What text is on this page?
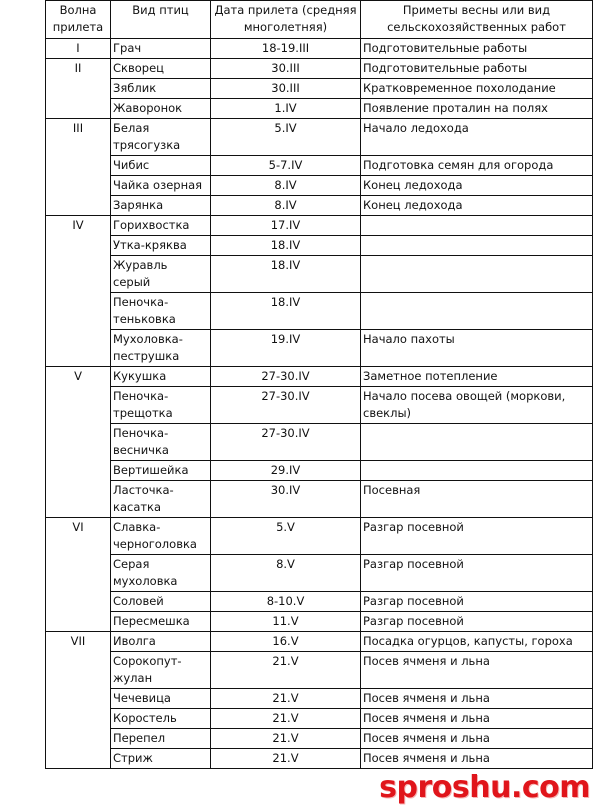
Волна прилета	Вид птиц	Дата прилета (средняя многолетняя)	Приметы весны или вид сельскохозяйственных работ
I	Грач	18-19.III	Подготовительные работы
II	Скворец	30.III	Подготовительные работы
	Зяблик	30.III	Кратковременное похолодание
	Жаворонок	1.IV	Появление проталин на полях
III	Белая трясогузка	5.IV	Начало ледохода
	Чибис	5-7.IV	Подготовка семян для огорода
	Чайка озерная	8.IV	Конец ледохода
	Зарянка	8.IV	Конец ледохода
IV	Горихвостка	17.IV	
	Утка-кряква	18.IV	
	Журавль серый	18.IV	
	Пеночка-теньковка	18.IV	
	Мухоловка-пеструшка	19.IV	Начало пахоты
V	Кукушка	27-30.IV	Заметное потепление
	Пеночка-трещотка	27-30.IV	Начало посева овощей (моркови, свеклы)
	Пеночка-весничка	27-30.IV	
	Вертишейка	29.IV	
	Ласточка-касатка	30.IV	Посевная
VI	Славка-черноголовка	5.V	Разгар посевной
	Серая мухоловка	8.V	Разгар посевной
	Соловей	8-10.V	Разгар посевной
	Пересмешка	11.V	Разгар посевной
VII	Иволга	16.V	Посадка огурцов, капусты, гороха
	Сорокопут-жулан	21.V	Посев ячменя и льна
	Чечевица	21.V	Посев ячменя и льна
	Коростель	21.V	Посев ячменя и льна
	Перепел	21.V	Посев ячменя и льна
	Стриж	21.V	Посев ячменя и льна
sproshu.com
